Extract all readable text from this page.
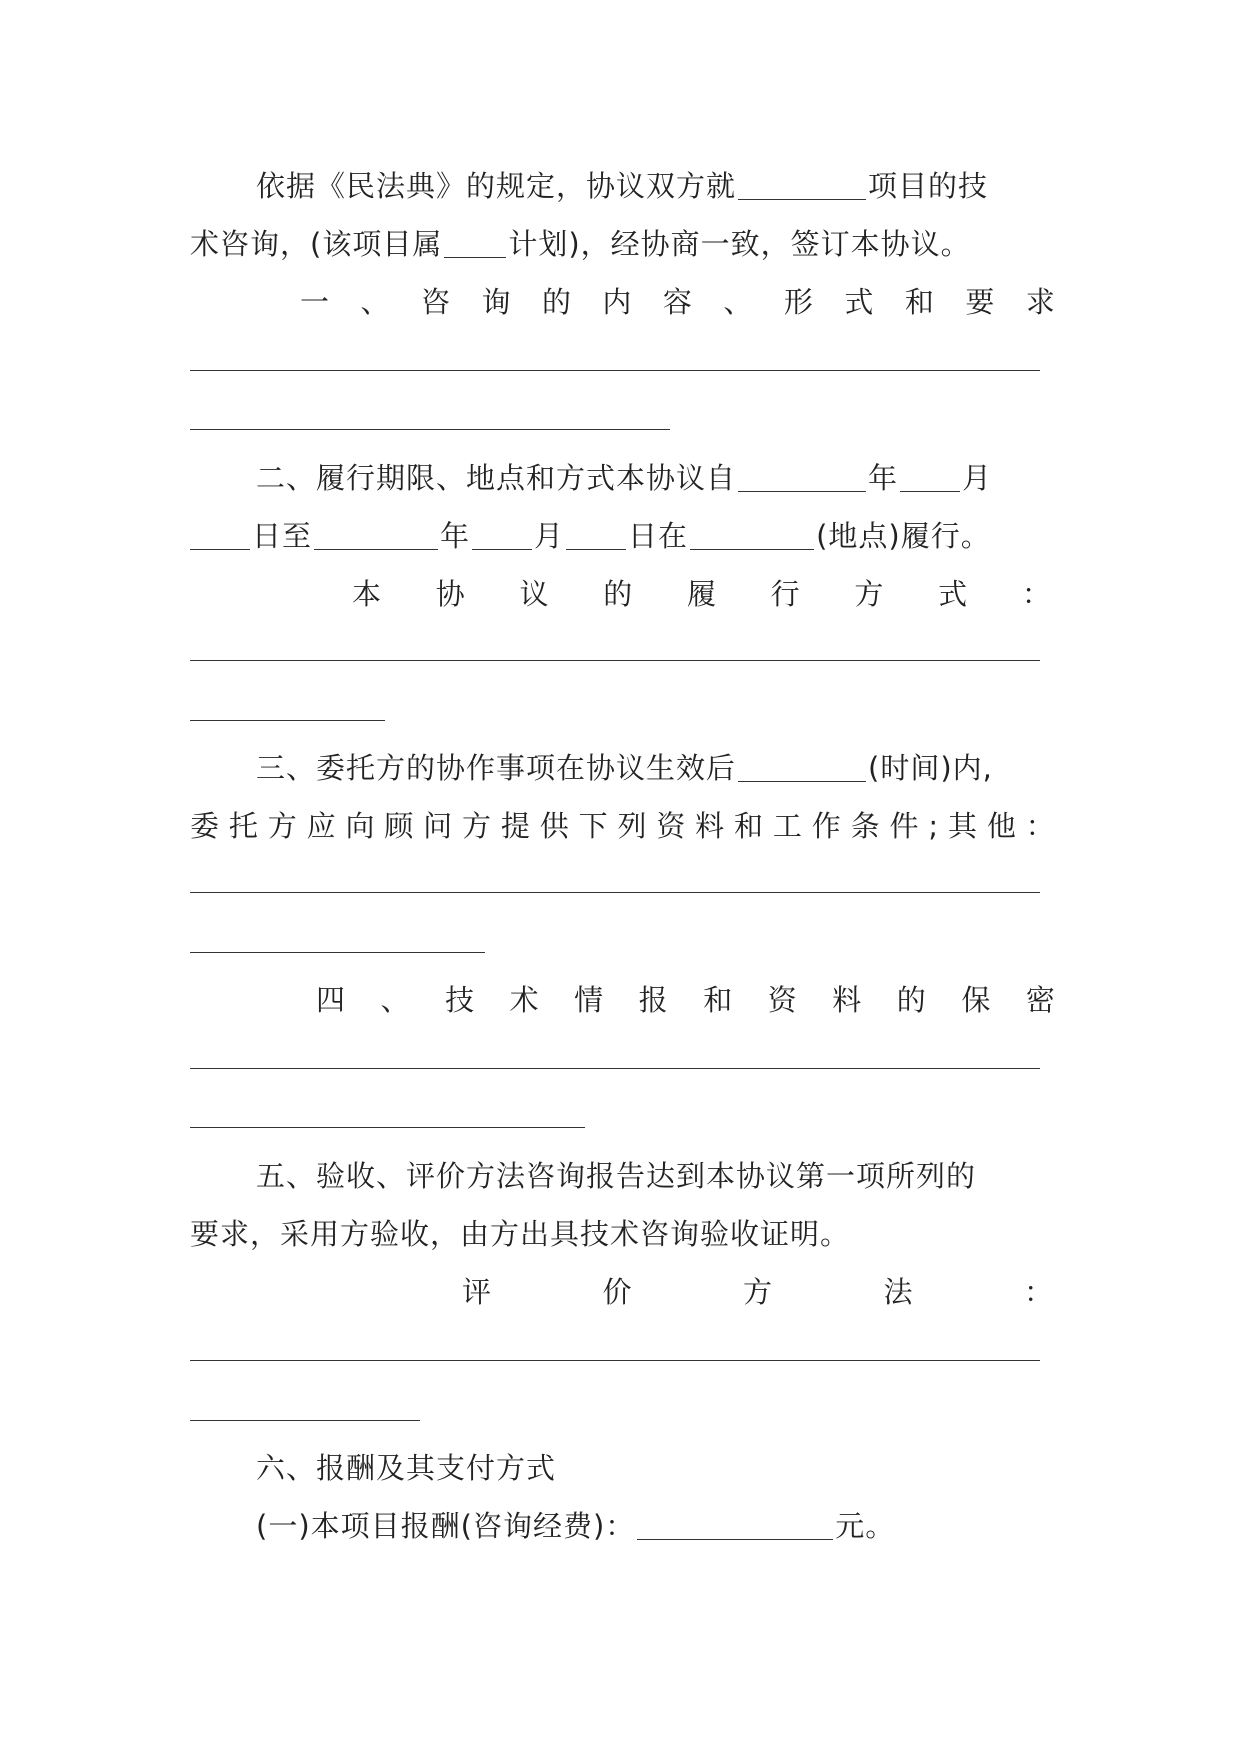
依据《民法典》的规定，协议双方就	项目的技
术咨询，(该项目属 计划)，经协商一致，签订本协议。
一 、 咨 询 的 内 容 、 形 式 和 要 求
二、履行期限、地点和方式本协议自	年 月
日至	年 月 日在	(地点)履行。
本 协 议 的 履 行 方 式 ：
三、委托方的协作事项在协议生效后	(时间)内,
委 托 方 应 向 顾 问 方 提 供 下 列 资 料 和 工 作 条 件 ; 其 他 ：
四 、 技 术 情 报 和 资 料 的 保 密
五、验收、评价方法咨询报告达到本协议第一项所列的
要求，采用方验收，由方出具技术咨询验收证明。
评	价	方	法	：
六、报酬及其支付方式
(一)本项目报酬(咨询经费)：	元。
